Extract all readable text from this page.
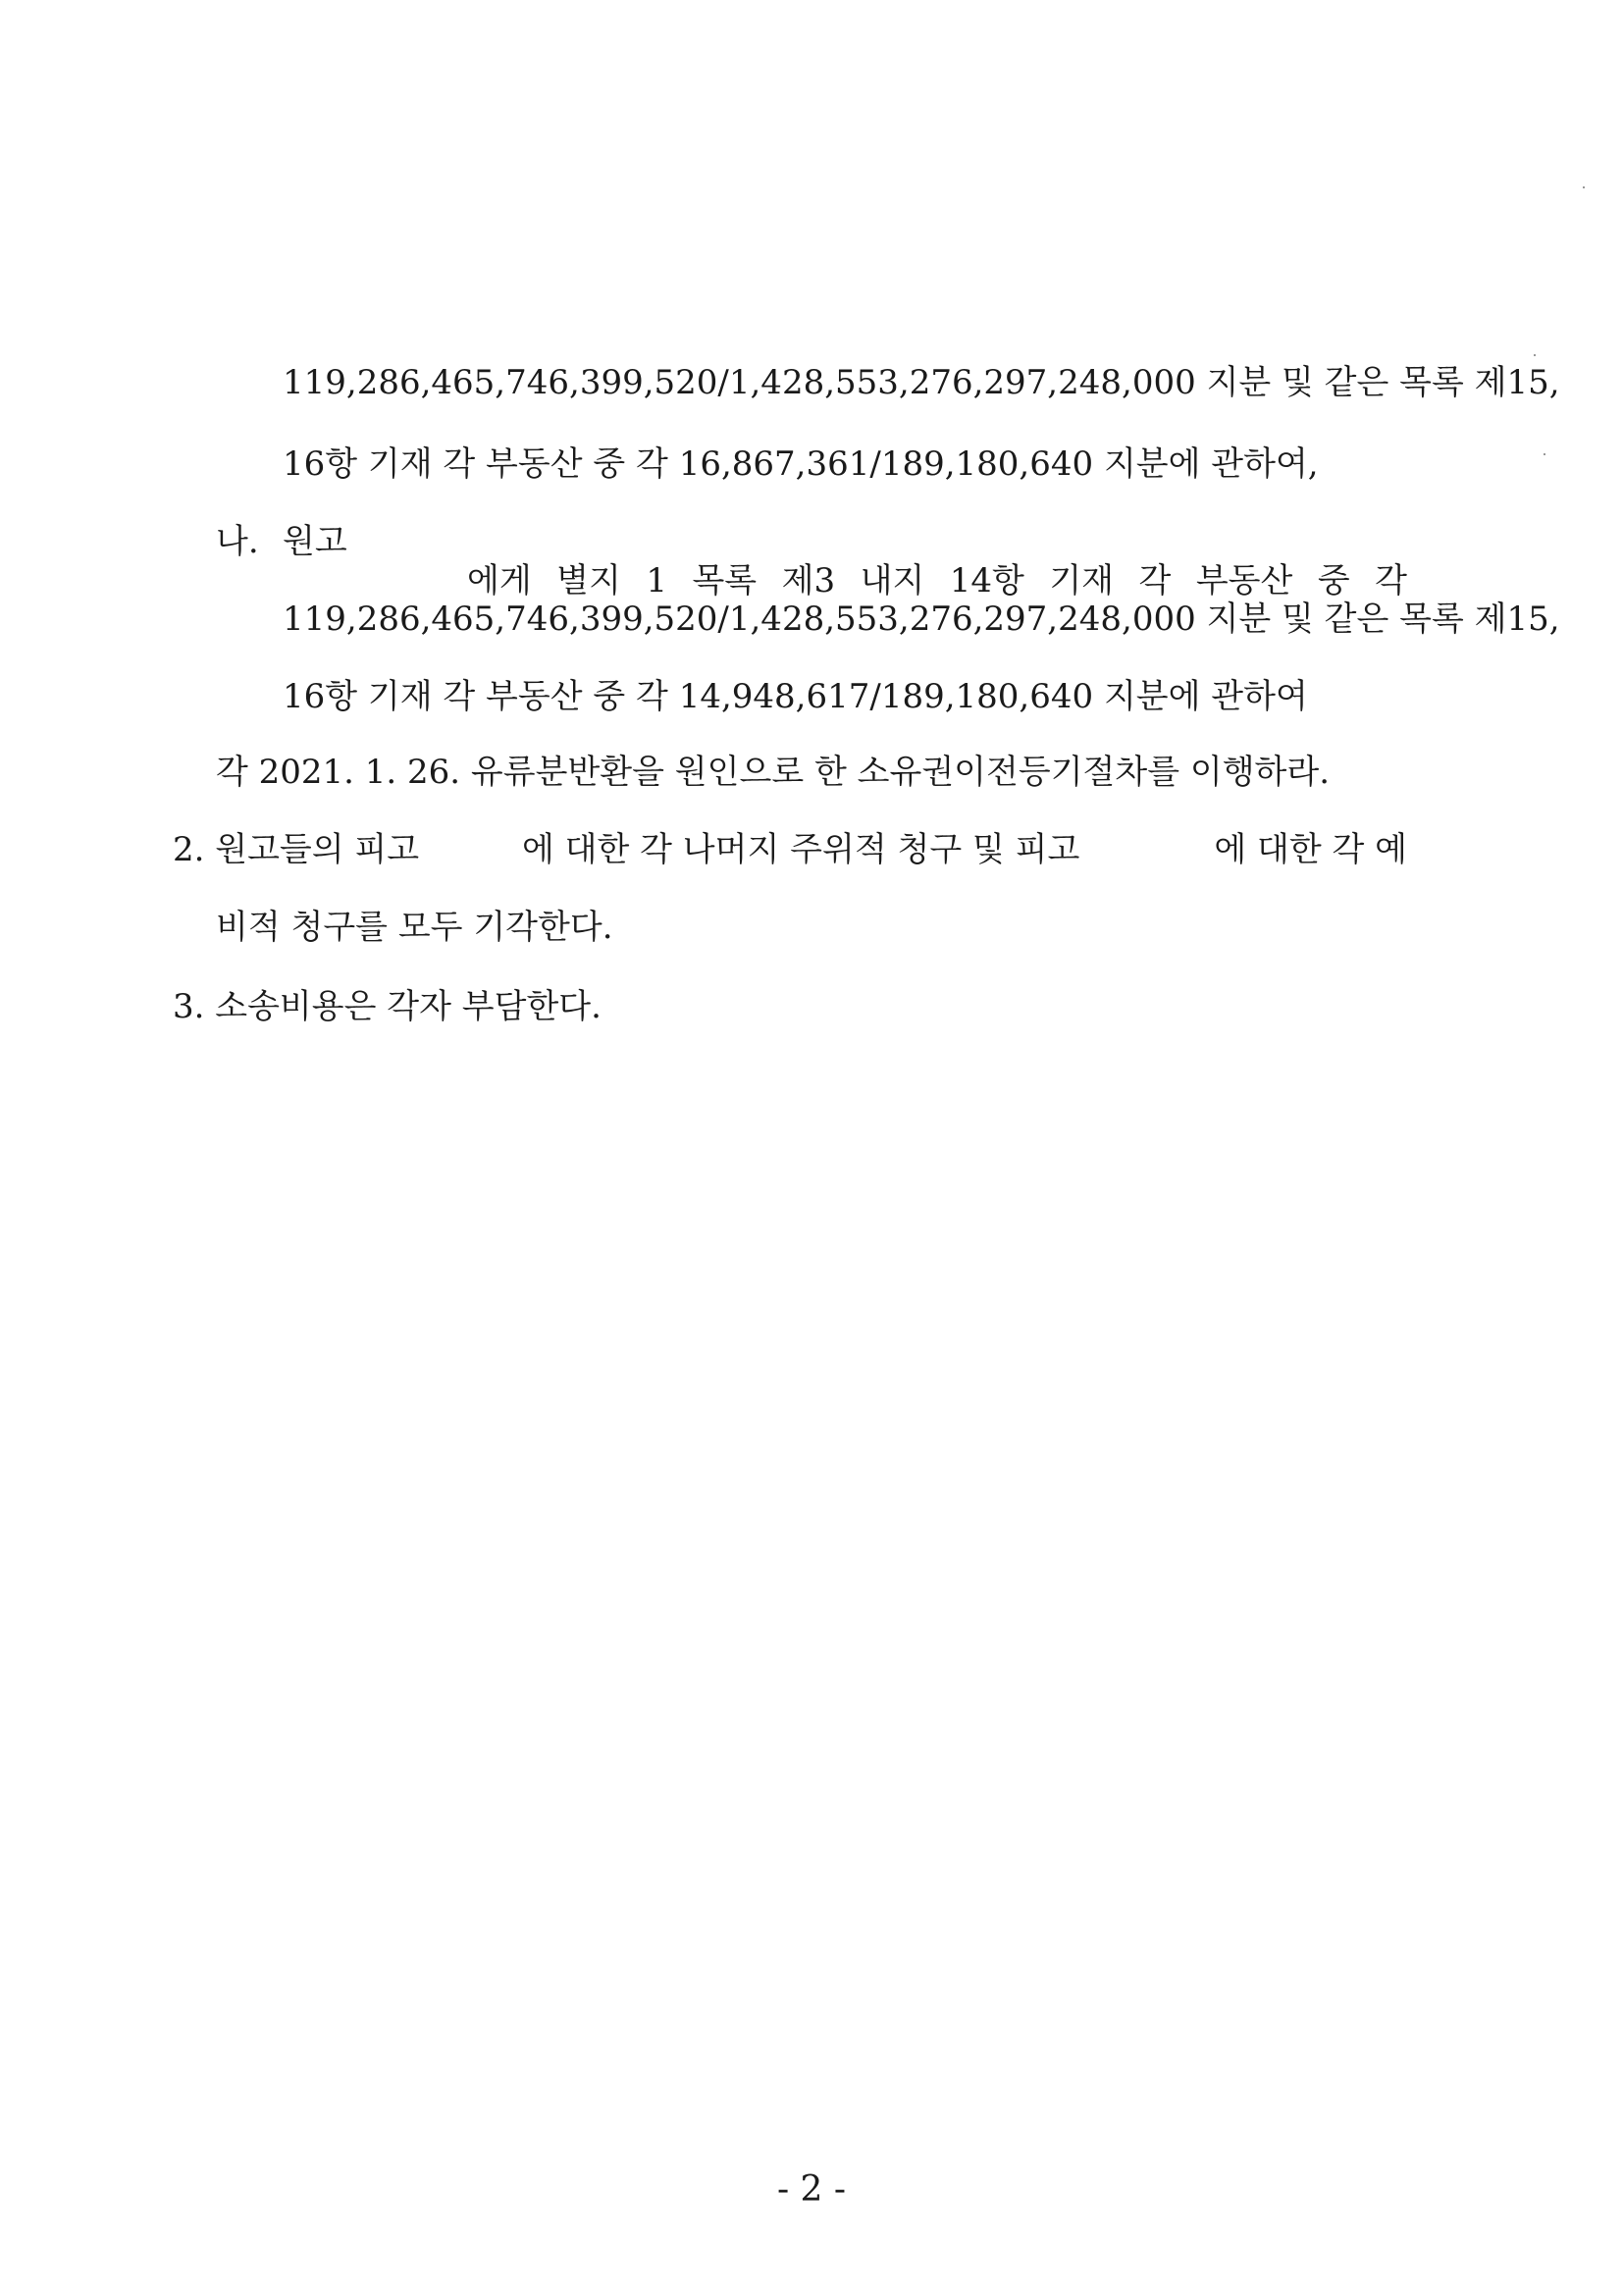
119,286,465,746,399,520/1,428,553,276,297,248,000 지분 및 같은 목록 제15,
16항 기재 각 부동산 중 각 16,867,361/189,180,640 지분에 관하여,
나. 원고
에게 별지 1 목록 제3 내지 14항 기재 각 부동산 중 각
119,286,465,746,399,520/1,428,553,276,297,248,000 지분 및 같은 목록 제15,
16항 기재 각 부동산 중 각 14,948,617/189,180,640 지분에 관하여
각 2021. 1. 26. 유류분반환을 원인으로 한 소유권이전등기절차를 이행하라.
2. 원고들의 피고	에 대한 각 나머지 주위적 청구 및 피고	에 대한 각 예
비적 청구를 모두 기각한다.
3. 소송비용은 각자 부담한다.
- 2 -
